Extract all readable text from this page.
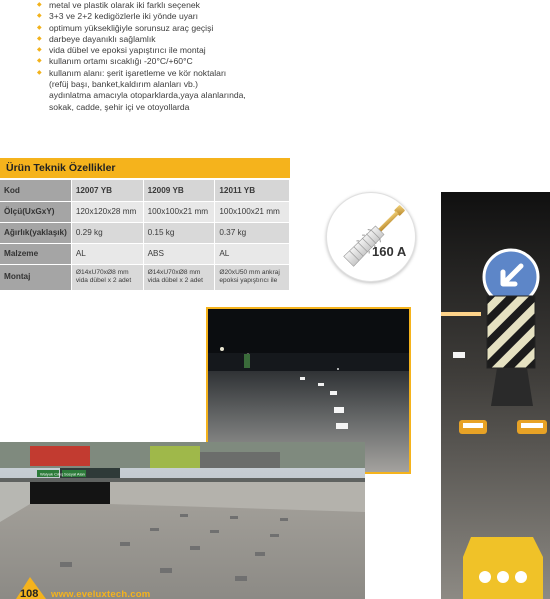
◆ metal ve plastik olarak iki farklı seçenek
◆ 3+3 ve 2+2 kedigözlerle iki yönde uyarı
◆ optimum yüksekliğiyle sorunsuz araç geçişi
◆ darbeye dayanıklı sağlamlık
◆ vida dübel ve epoksi yapıştırıcı ile montaj
◆ kullanım ortamı sıcaklığı -20°C/+60°C
◆ kullanım alanı: şerit işaretleme ve kör noktaları
(refüj başı, banket,kaldırım alanları vb.)
aydınlatma amacıyla otoparklarda,yaya alanlarında,
sokak, cadde, şehir içi ve otoyollarda
Ürün Teknik Özellikler
Kod	12007 YB	12009 YB	12011 YB
Ölçü(UxGxY)	120x120x28 mm	100x100x21 mm	100x100x21 mm
Ağırlık(yaklaşık)	0.29 kg	0.15 kg	0.37 kg
Malzeme	AL	ABS	AL
Montaj	Ø14xU70xØ8 mm vida dübel x 2 adet	Ø14xU70xØ8 mm vida dübel x 2 adet	Ø20xU50 mm ankraj epoksi yapıştırıcı ile
160 A
Waiyuk Cıkış Sosyal Alan
108 www.eveluxtech.com
